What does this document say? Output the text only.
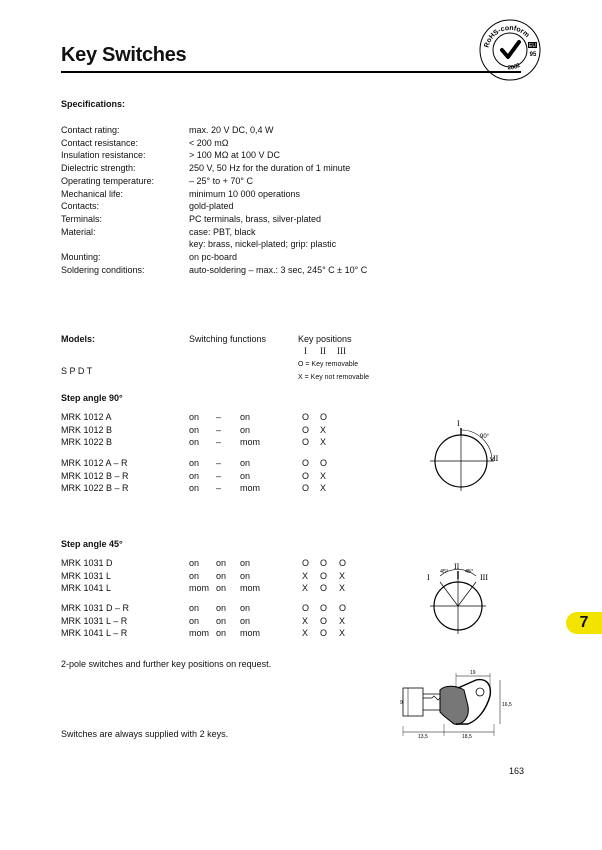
Key Switches	RoHS-conform
2002
EU
95
Specifications:
Contact rating:	max. 20 V DC, 0,4 W
Contact resistance:	< 200 mΩ
Insulation resistance:	> 100 MΩ at 100 V DC
Dielectric strength:	250 V, 50 Hz for the duration of 1 minute
Operating temperature:	– 25° to + 70° C
Mechanical life:	minimum 10 000 operations
Contacts:	gold-plated
Terminals:	PC terminals, brass, silver-plated
Material:	case: PBT, black
key: brass, nickel-plated; grip: plastic
Mounting:	on pc-board
Soldering conditions:	auto-soldering – max.: 3 sec, 245° C ± 10° C
Models:	Switching functions	Key positions
I II III
O = Key removable
X = Key not removable
S P D T
Step angle 90°
MRK 1012 A	on – on	O O
MRK 1012 B	on – on	O X
MRK 1022 B	on – mom	O X
MRK 1012 A – R	on – on	O O
MRK 1012 B – R	on – on	O X
MRK 1022 B – R	on – mom	O X
I
II
90°
Step angle 45°
MRK 1031 D	on on on	O O O
MRK 1031 L	on on on	X O X
MRK 1041 L	mom on mom	X O X
MRK 1031 D – R	on on on	O O O
MRK 1031 L – R	on on on	X O X
MRK 1041 L – R	mom on mom	X O X
II
I	III
45°	45°
7
2-pole switches and further key positions on request.
Switches are always supplied with 2 keys.
19
16,5
9
13,5	18,5
163
